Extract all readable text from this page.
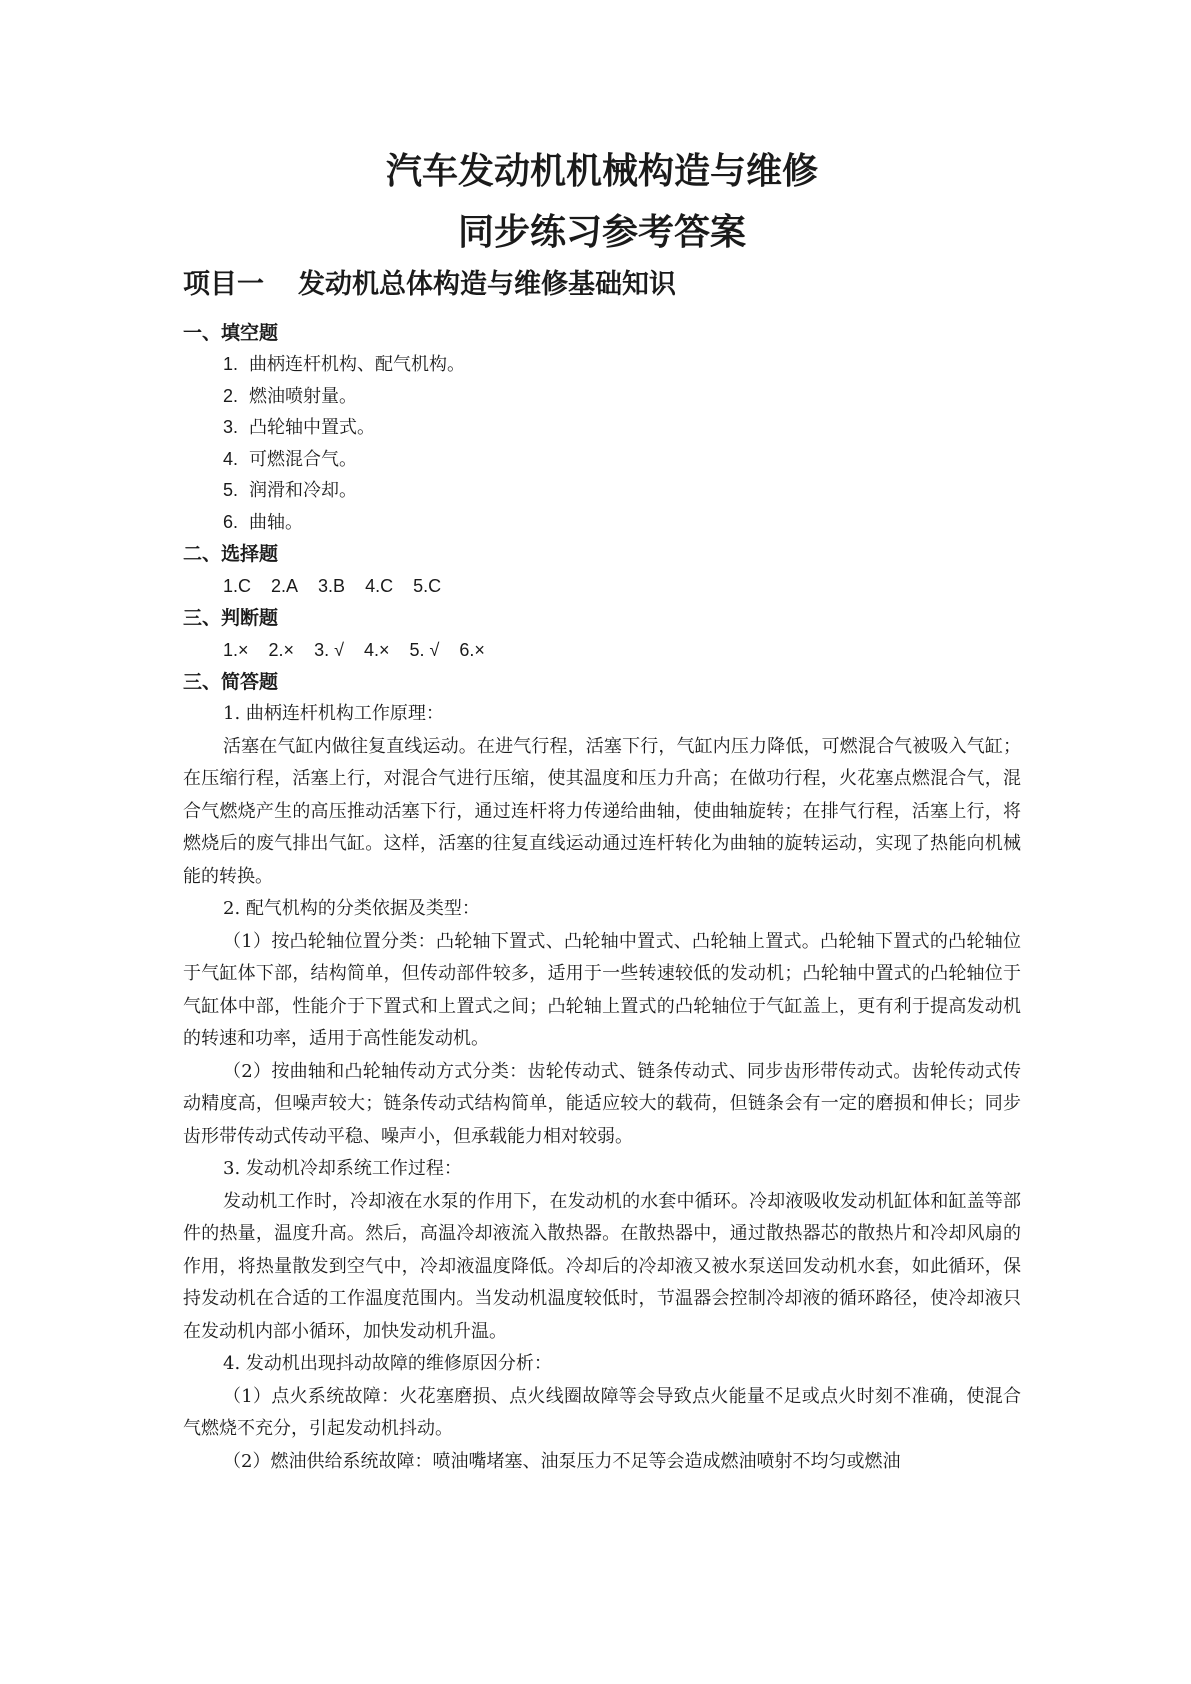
汽车发动机机械构造与维修
同步练习参考答案
项目一 发动机总体构造与维修基础知识

一、填空题

1. 曲柄连杆机构、配气机构。

2. 燃油喷射量。

3. 凸轮轴中置式。

4. 可燃混合气。

5. 润滑和冷却。

6. 曲轴。

二、选择题

1.C 2.A 3.B 4.C 5.C

三、判断题

1.× 2.× 3. √ 4.× 5. √ 6.×

三、简答题

1. 曲柄连杆机构工作原理：

活塞在气缸内做往复直线运动。在进气行程，活塞下行，气缸内压力降低，可燃混合气被吸入气缸；在压缩行程，活塞上行，对混合气进行压缩，使其温度和压力升高；在做功行程，火花塞点燃混合气，混合气燃烧产生的高压推动活塞下行，通过连杆将力传递给曲轴，使曲轴旋转；在排气行程，活塞上行，将燃烧后的废气排出气缸。这样，活塞的往复直线运动通过连杆转化为曲轴的旋转运动，实现了热能向机械能的转换。

2. 配气机构的分类依据及类型：

（1）按凸轮轴位置分类：凸轮轴下置式、凸轮轴中置式、凸轮轴上置式。凸轮轴下置式的凸轮轴位于气缸体下部，结构简单，但传动部件较多，适用于一些转速较低的发动机；凸轮轴中置式的凸轮轴位于气缸体中部，性能介于下置式和上置式之间；凸轮轴上置式的凸轮轴位于气缸盖上，更有利于提高发动机的转速和功率，适用于高性能发动机。

（2）按曲轴和凸轮轴传动方式分类：齿轮传动式、链条传动式、同步齿形带传动式。齿轮传动式传动精度高，但噪声较大；链条传动式结构简单，能适应较大的载荷，但链条会有一定的磨损和伸长；同步齿形带传动式传动平稳、噪声小，但承载能力相对较弱。

3. 发动机冷却系统工作过程：

发动机工作时，冷却液在水泵的作用下，在发动机的水套中循环。冷却液吸收发动机缸体和缸盖等部件的热量，温度升高。然后，高温冷却液流入散热器。在散热器中，通过散热器芯的散热片和冷却风扇的作用，将热量散发到空气中，冷却液温度降低。冷却后的冷却液又被水泵送回发动机水套，如此循环，保持发动机在合适的工作温度范围内。当发动机温度较低时，节温器会控制冷却液的循环路径，使冷却液只在发动机内部小循环，加快发动机升温。

4. 发动机出现抖动故障的维修原因分析：

（1）点火系统故障：火花塞磨损、点火线圈故障等会导致点火能量不足或点火时刻不准确，使混合气燃烧不充分，引起发动机抖动。

（2）燃油供给系统故障：喷油嘴堵塞、油泵压力不足等会造成燃油喷射不均匀或燃油
